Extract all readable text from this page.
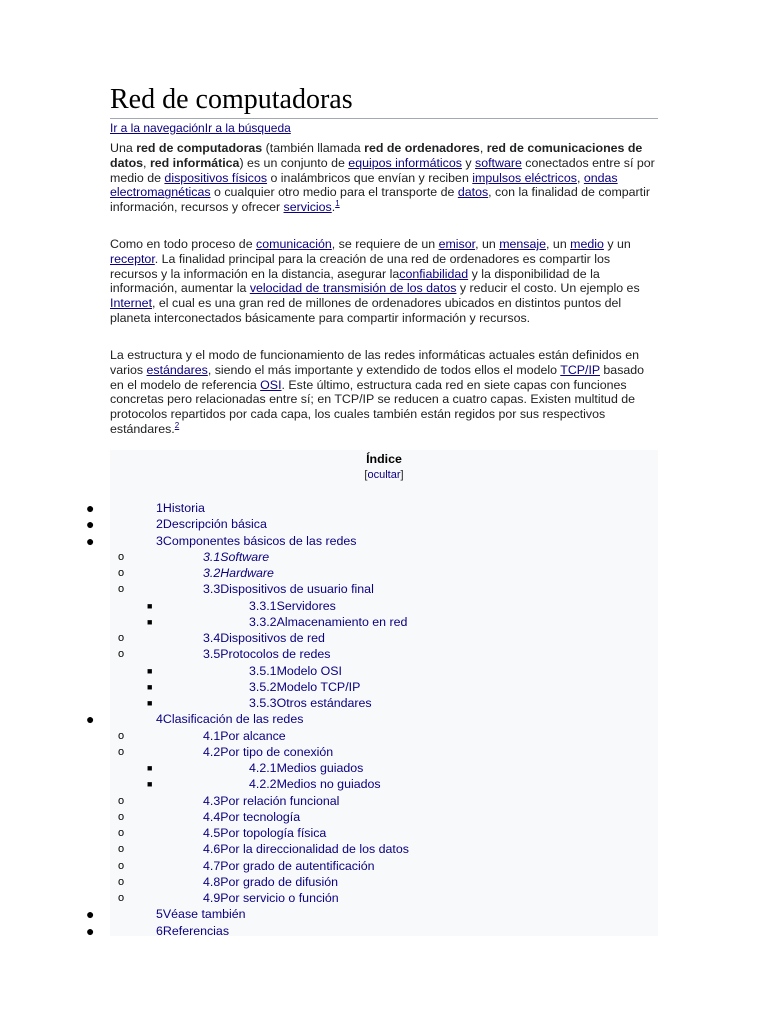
Red de computadoras
Ir a la navegaciónIr a la búsqueda

Una red de computadoras (también llamada red de ordenadores, red de comunicaciones de datos, red informática) es un conjunto de equipos informáticos y software conectados entre sí por medio de dispositivos físicos o inalámbricos que envían y reciben impulsos eléctricos, ondas electromagnéticas o cualquier otro medio para el transporte de datos, con la finalidad de compartir información, recursos y ofrecer servicios.$^1$

Como en todo proceso de comunicación, se requiere de un emisor, un mensaje, un medio y un receptor. La finalidad principal para la creación de una red de ordenadores es compartir los recursos y la información en la distancia, asegurar laconfiabilidad y la disponibilidad de la información, aumentar la velocidad de transmisión de los datos y reducir el costo. Un ejemplo es Internet, el cual es una gran red de millones de ordenadores ubicados en distintos puntos del planeta interconectados básicamente para compartir información y recursos.

La estructura y el modo de funcionamiento de las redes informáticas actuales están definidos en varios estándares, siendo el más importante y extendido de todos ellos el modelo TCP/IP basado en el modelo de referencia OSI. Este último, estructura cada red en siete capas con funciones concretas pero relacionadas entre sí; en TCP/IP se reducen a cuatro capas. Existen multitud de protocolos repartidos por cada capa, los cuales también están regidos por sus respectivos estándares.$^2$

Índice
[ocultar]
●	1Historia
●	2Descripción básica
●	3Componentes básicos de las redes
o	3.1Software
o	3.2Hardware
o	3.3Dispositivos de usuario final
■	3.3.1Servidores
■	3.3.2Almacenamiento en red
o	3.4Dispositivos de red
o	3.5Protocolos de redes
■	3.5.1Modelo OSI
■	3.5.2Modelo TCP/IP
■	3.5.3Otros estándares
●	4Clasificación de las redes
o	4.1Por alcance
o	4.2Por tipo de conexión
■	4.2.1Medios guiados
■	4.2.2Medios no guiados
o	4.3Por relación funcional
o	4.4Por tecnología
o	4.5Por topología física
o	4.6Por la direccionalidad de los datos
o	4.7Por grado de autentificación
o	4.8Por grado de difusión
o	4.9Por servicio o función
●	5Véase también
●	6Referencias
